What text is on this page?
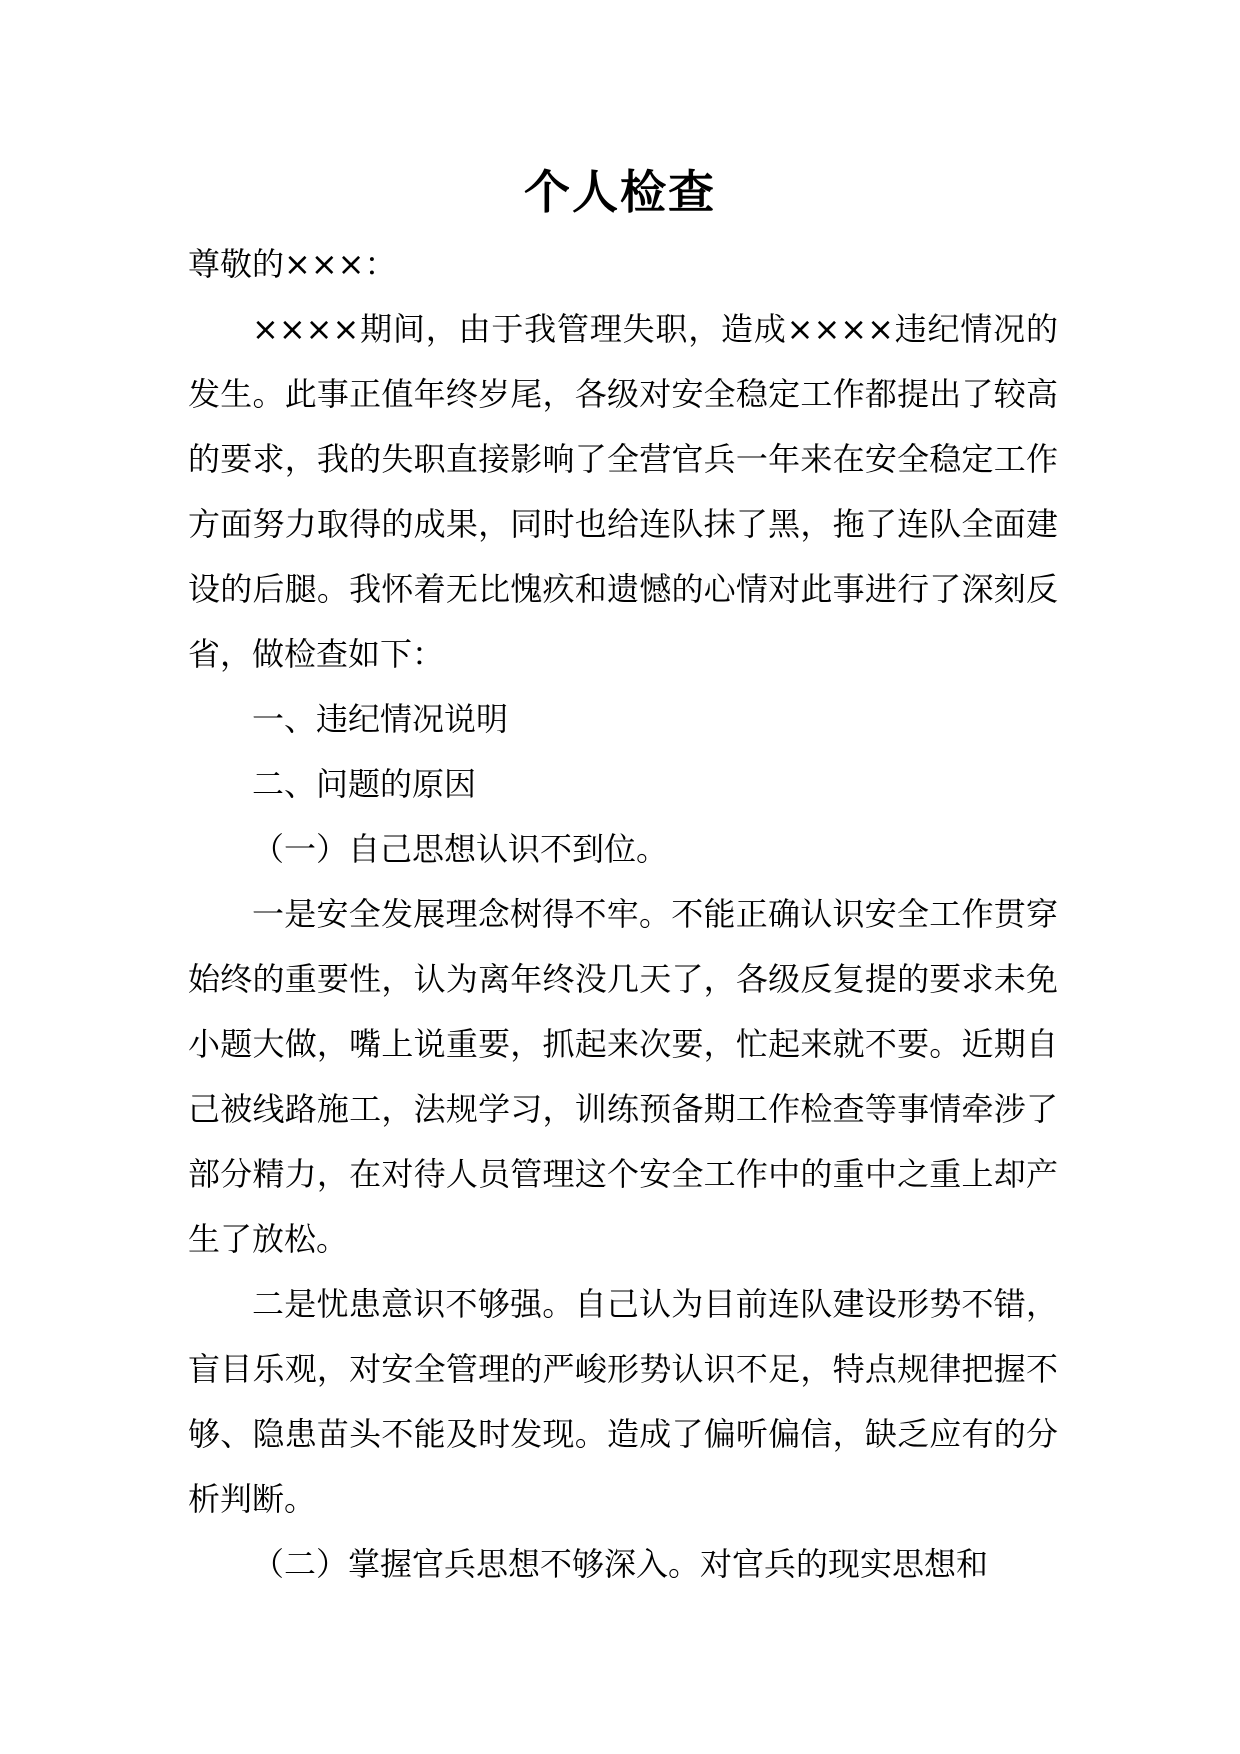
个人检查

尊敬的×××：

××××期间，由于我管理失职，造成××××违纪情况的发生。此事正值年终岁尾，各级对安全稳定工作都提出了较高的要求，我的失职直接影响了全营官兵一年来在安全稳定工作方面努力取得的成果，同时也给连队抹了黑，拖了连队全面建设的后腿。我怀着无比愧疚和遗憾的心情对此事进行了深刻反省，做检查如下：

一、违纪情况说明

二、问题的原因

（一）自己思想认识不到位。

一是安全发展理念树得不牢。不能正确认识安全工作贯穿始终的重要性，认为离年终没几天了，各级反复提的要求未免小题大做，嘴上说重要，抓起来次要，忙起来就不要。近期自己被线路施工，法规学习，训练预备期工作检查等事情牵涉了部分精力，在对待人员管理这个安全工作中的重中之重上却产生了放松。

二是忧患意识不够强。自己认为目前连队建设形势不错，盲目乐观，对安全管理的严峻形势认识不足，特点规律把握不够、隐患苗头不能及时发现。造成了偏听偏信，缺乏应有的分析判断。

（二）掌握官兵思想不够深入。对官兵的现实思想和
